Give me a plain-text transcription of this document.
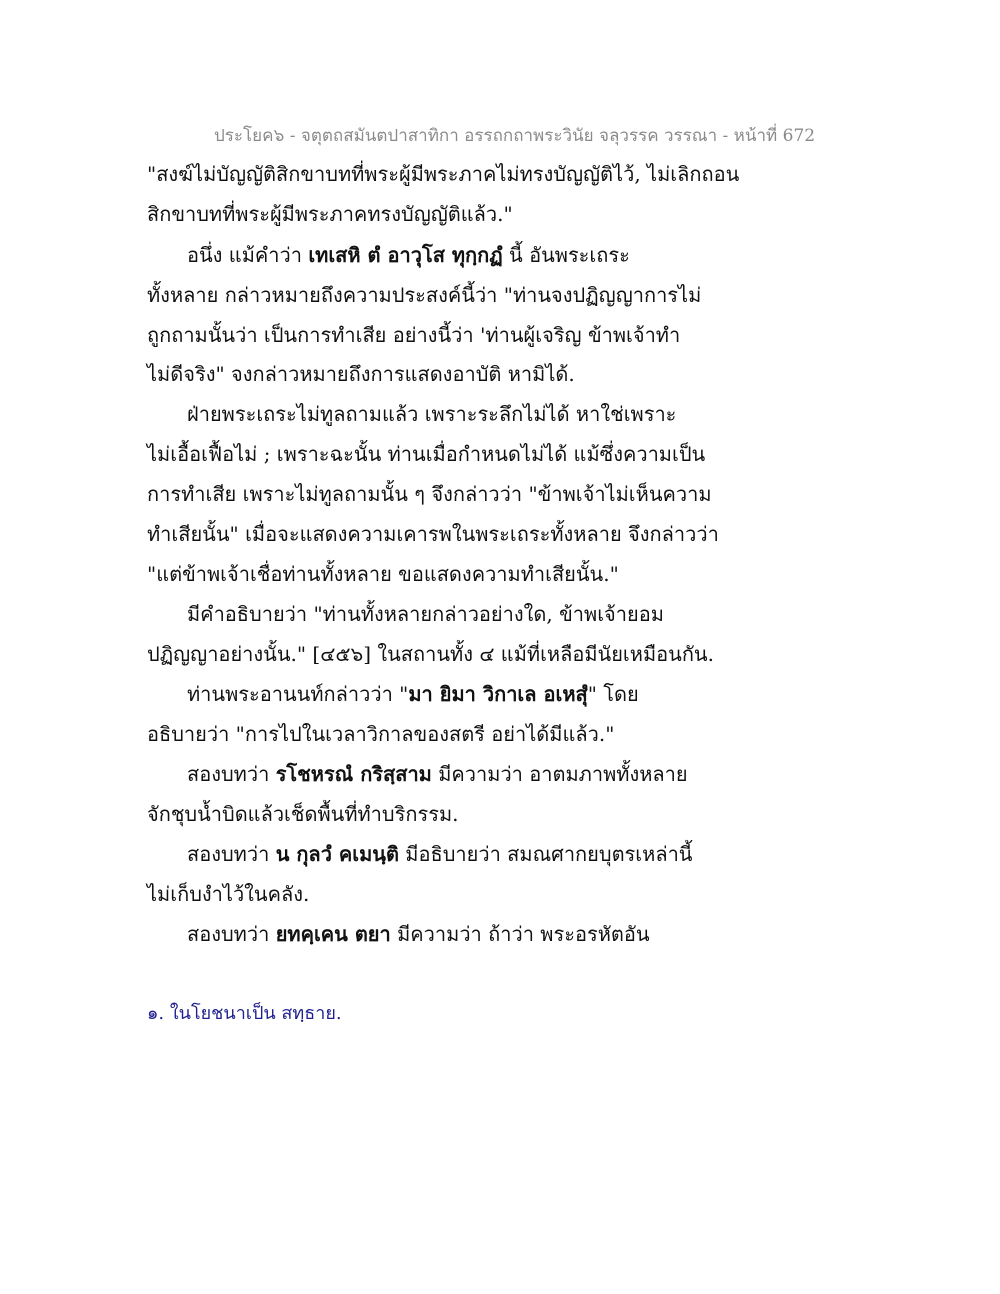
ประโยค๖ - จตุตถสมันตปาสาทิกา อรรถกถาพระวินัย จลุวรรค วรรณา - หน้าที่ 672
"สงฆ์ไม่บัญญัติสิกขาบทที่พระผู้มีพระภาคไม่ทรงบัญญัติไว้, ไม่เลิกถอน
สิกขาบทที่พระผู้มีพระภาคทรงบัญญัติแล้ว."
อนึ่ง แม้คำว่า เทเสหิ ตํ อาวุโส ทุกฺกฏํ นี้ อันพระเถระ
ทั้งหลาย กล่าวหมายถึงความประสงค์นี้ว่า "ท่านจงปฏิญญาการไม่
ถูกถามนั้นว่า เป็นการทำเสีย อย่างนี้ว่า 'ท่านผู้เจริญ ข้าพเจ้าทำ
ไม่ดีจริง" จงกล่าวหมายถึงการแสดงอาบัติ หามิได้.
ฝ่ายพระเถระไม่ทูลถามแล้ว เพราะระลึกไม่ได้ หาใช่เพราะ
ไม่เอื้อเฟื้อไม่ ; เพราะฉะนั้น ท่านเมื่อกำหนดไม่ได้ แม้ซึ่งความเป็น
การทำเสีย เพราะไม่ทูลถามนั้น ๆ จึงกล่าวว่า "ข้าพเจ้าไม่เห็นความ
ทำเสียนั้น" เมื่อจะแสดงความเคารพในพระเถระทั้งหลาย จึงกล่าวว่า
"แต่ข้าพเจ้าเชื่อท่านทั้งหลาย ขอแสดงความทำเสียนั้น."
มีคำอธิบายว่า "ท่านทั้งหลายกล่าวอย่างใด, ข้าพเจ้ายอม
ปฏิญญาอย่างนั้น." [๔๕๖] ในสถานทั้ง ๔ แม้ที่เหลือมีนัยเหมือนกัน.
ท่านพระอานนท์กล่าวว่า "มา ยิมา วิกาเล อเหสุํ" โดย
อธิบายว่า "การไปในเวลาวิกาลของสตรี อย่าได้มีแล้ว."
สองบทว่า รโชหรณํ กริสฺสาม มีความว่า อาตมภาพทั้งหลาย
จักชุบน้ำบิดแล้วเช็ดพื้นที่ทำบริกรรม.
สองบทว่า น กุลวํ คเมนฺติ มีอธิบายว่า สมณศากยบุตรเหล่านี้
ไม่เก็บงำไว้ในคลัง.
สองบทว่า ยทคฺเคน ตยา มีความว่า ถ้าว่า พระอรหัตอัน
๑. ในโยชนาเป็น สทฺธาย.
